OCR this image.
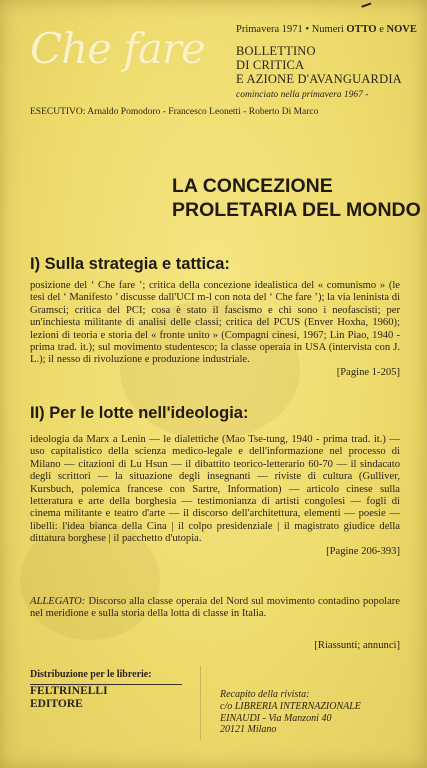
Che fare	Primavera 1971 • Numeri OTTO e NOVE
BOLLETTINO
DI CRITICA
E AZIONE D'AVANGUARDIA
cominciato nella primavera 1967 -
ESECUTIVO: Arnaldo Pomodoro - Francesco Leonetti - Roberto Di Marco
LA CONCEZIONE
PROLETARIA DEL MONDO
I) Sulla strategia e tattica:
posizione del ‘ Che fare ’; critica della concezione idealistica del « comunismo » (le tesi del ‘ Manifesto ’ discusse dall'UCI m-l con nota del ‘ Che fare ’); la via leninista di Gramsci; critica del PCI; cosa è stato il fascismo e chi sono i neofascisti; per un'inchiesta militante di analisi delle classi; critica del PCUS (Enver Hoxha, 1960); lezioni di teoria e storia del « fronte unito » (Compagni cinesi, 1967; Lin Piao, 1940 - prima trad. it.); sul movimento studentesco; la classe operaia in USA (intervista con J. L.); il nesso di rivoluzione e produzione industriale.
[Pagine 1-205]
II) Per le lotte nell'ideologia:
ideologia da Marx a Lenin — le dialettiche (Mao Tse-tung, 1940 - prima trad. it.) — uso capitalistico della scienza medico-legale e dell'informazione nel processo di Milano — citazioni di Lu Hsun — il dibattito teorico-letterario 60-70 — il sindacato degli scrittori — la situazione degli insegnanti — riviste di cultura (Gulliver, Kursbuch, polemica francese con Sartre, Information) — articolo cinese sulla letteratura e arte della borghesia — testimonianza di artisti congolesi — fogli di cinema militante e teatro d'arte — il discorso dell'architettura, elementi — poesie — libelli: l'idea bianca della Cina | il colpo presidenziale | il magistrato giudice della dittatura borghese | il pacchetto d'utopia.
[Pagine 206-393]
ALLEGATO: Discorso alla classe operaia del Nord sul movimento contadino popolare nel meridione e sulla storia della lotta di classe in Italia.
[Riassunti; annunci]
Distribuzione per le librerie:
FELTRINELLI
EDITORE
Recapito della rivista:
c/o LIBRERIA INTERNAZIONALE
EINAUDI - Via Manzoni 40
20121 Milano
